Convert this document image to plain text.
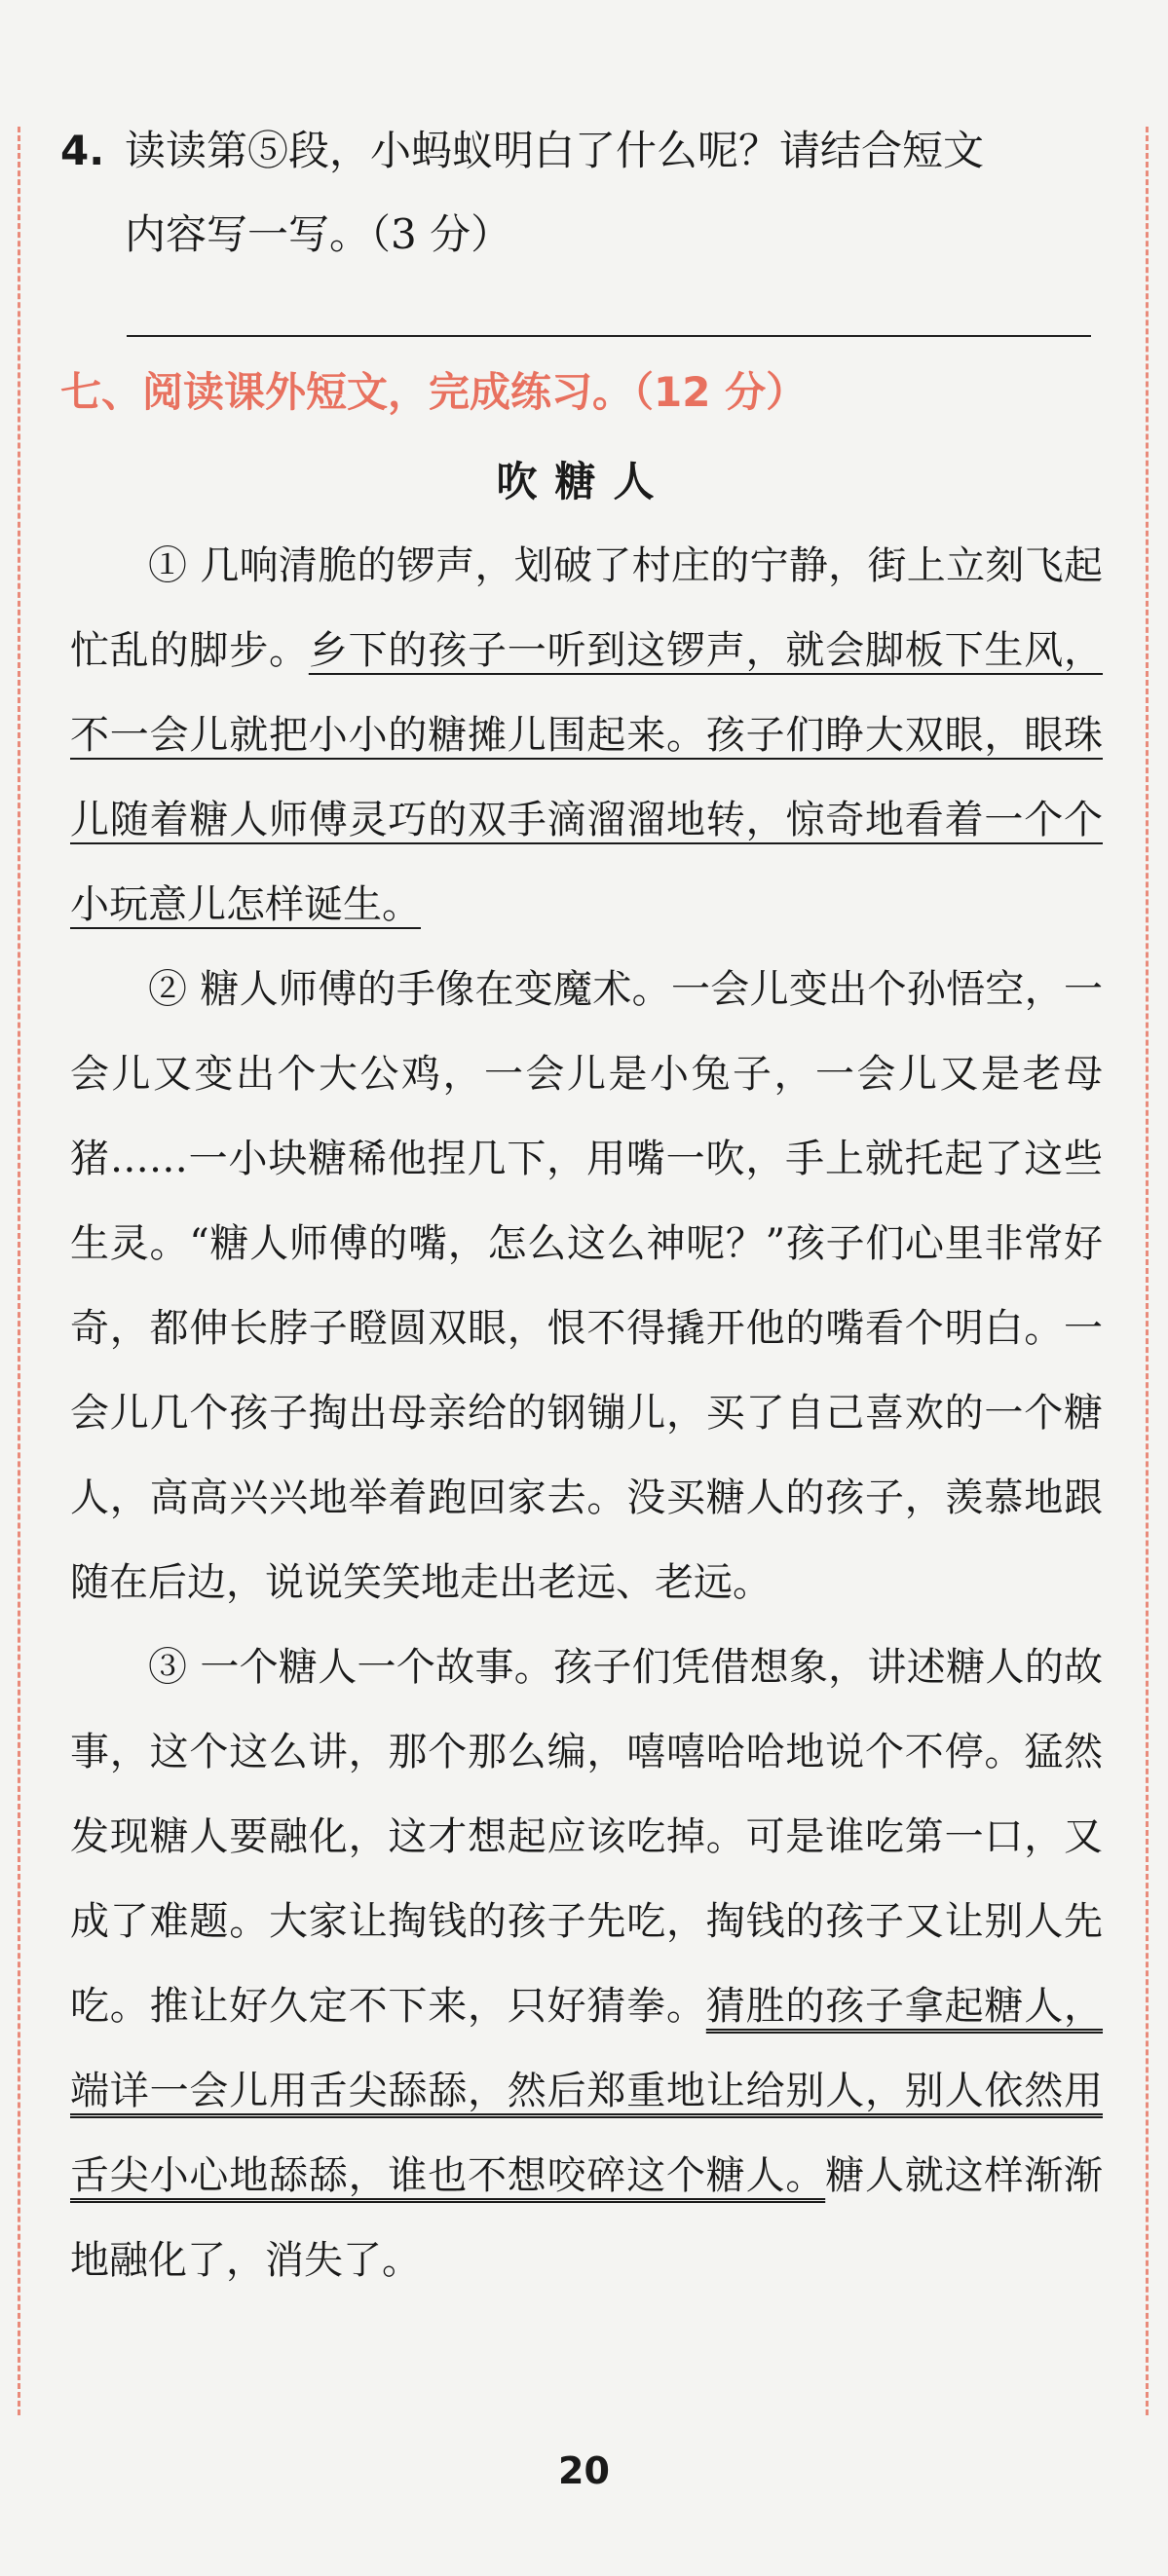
4. 读读第⑤段，小蚂蚁明白了什么呢？请结合短文
内容写一写。（3 分）
七、阅读课外短文，完成练习。（12 分）
吹糖人

① 几响清脆的锣声，划破了村庄的宁静，街上立刻飞起忙乱的脚步。乡下的孩子一听到这锣声，就会脚板下生风，不一会儿就把小小的糖摊儿围起来。孩子们睁大双眼，眼珠儿随着糖人师傅灵巧的双手滴溜溜地转，惊奇地看着一个个小玩意儿怎样诞生。

② 糖人师傅的手像在变魔术。一会儿变出个孙悟空，一会儿又变出个大公鸡，一会儿是小兔子，一会儿又是老母猪……一小块糖稀他捏几下，用嘴一吹，手上就托起了这些生灵。“糖人师傅的嘴，怎么这么神呢？”孩子们心里非常好奇，都伸长脖子瞪圆双眼，恨不得撬开他的嘴看个明白。一会儿几个孩子掏出母亲给的钢镚儿，买了自己喜欢的一个糖人，高高兴兴地举着跑回家去。没买糖人的孩子，羡慕地跟随在后边，说说笑笑地走出老远、老远。

③ 一个糖人一个故事。孩子们凭借想象，讲述糖人的故事，这个这么讲，那个那么编，嘻嘻哈哈地说个不停。猛然发现糖人要融化，这才想起应该吃掉。可是谁吃第一口，又成了难题。大家让掏钱的孩子先吃，掏钱的孩子又让别人先吃。推让好久定不下来，只好猜拳。猜胜的孩子拿起糖人，端详一会儿用舌尖舔舔，然后郑重地让给别人，别人依然用舌尖小心地舔舔，谁也不想咬碎这个糖人。糖人就这样渐渐地融化了，消失了。

20
